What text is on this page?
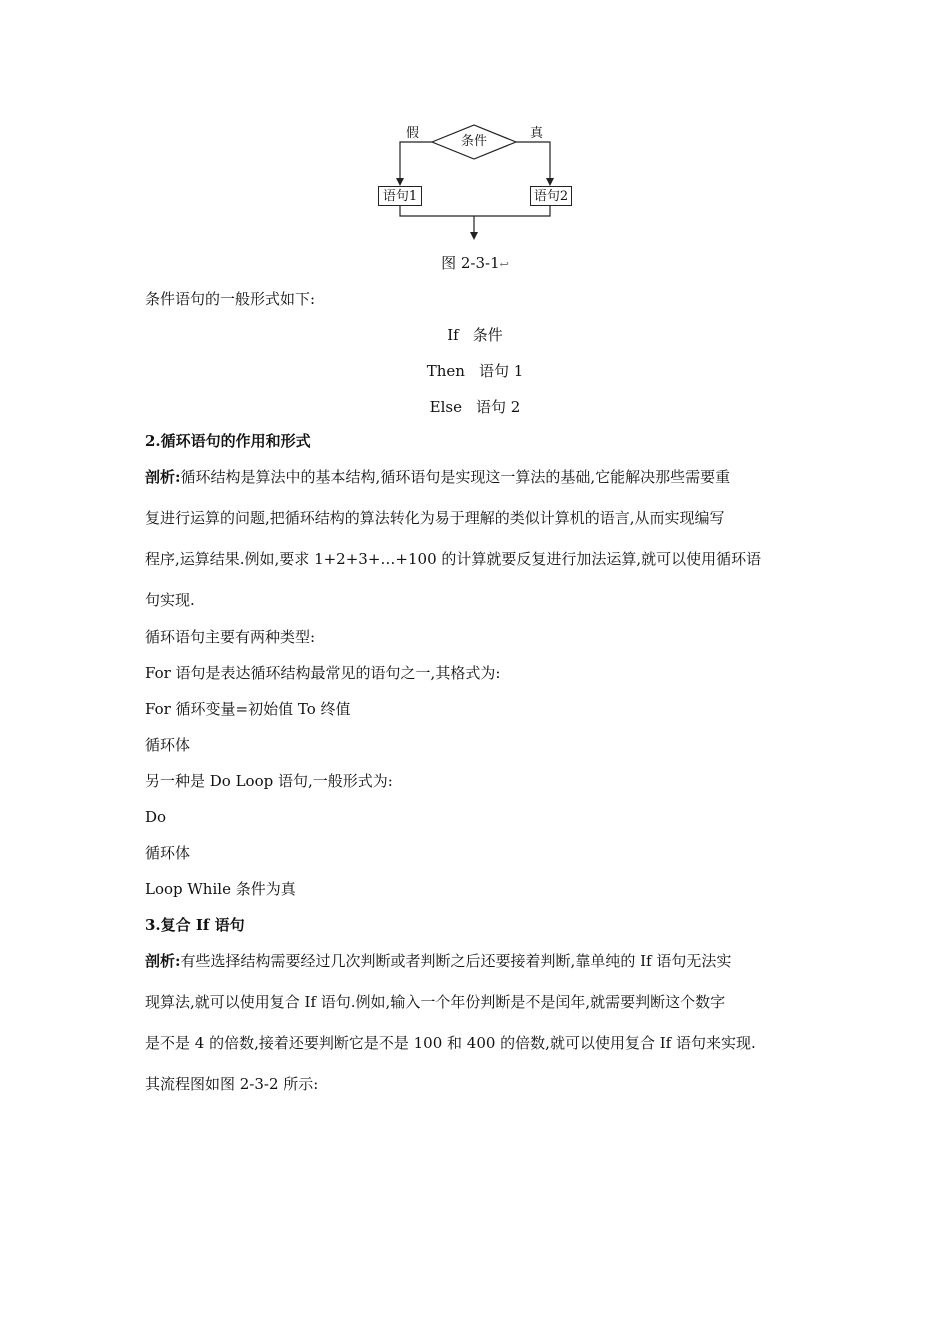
假	真
条件
语句1	语句2
图 2-3-1↩
条件语句的一般形式如下:
If 条件
Then 语句 1
Else 语句 2
2.循环语句的作用和形式
剖析:循环结构是算法中的基本结构,循环语句是实现这一算法的基础,它能解决那些需要重
复进行运算的问题,把循环结构的算法转化为易于理解的类似计算机的语言,从而实现编写
程序,运算结果.例如,要求 1+2+3+…+100 的计算就要反复进行加法运算,就可以使用循环语
句实现.
循环语句主要有两种类型:
For 语句是表达循环结构最常见的语句之一,其格式为:
For 循环变量=初始值 To 终值
循环体
另一种是 Do Loop 语句,一般形式为:
Do
循环体
Loop While 条件为真
3.复合 If 语句
剖析:有些选择结构需要经过几次判断或者判断之后还要接着判断,靠单纯的 If 语句无法实
现算法,就可以使用复合 If 语句.例如,输入一个年份判断是不是闰年,就需要判断这个数字
是不是 4 的倍数,接着还要判断它是不是 100 和 400 的倍数,就可以使用复合 If 语句来实现.
其流程图如图 2-3-2 所示:
